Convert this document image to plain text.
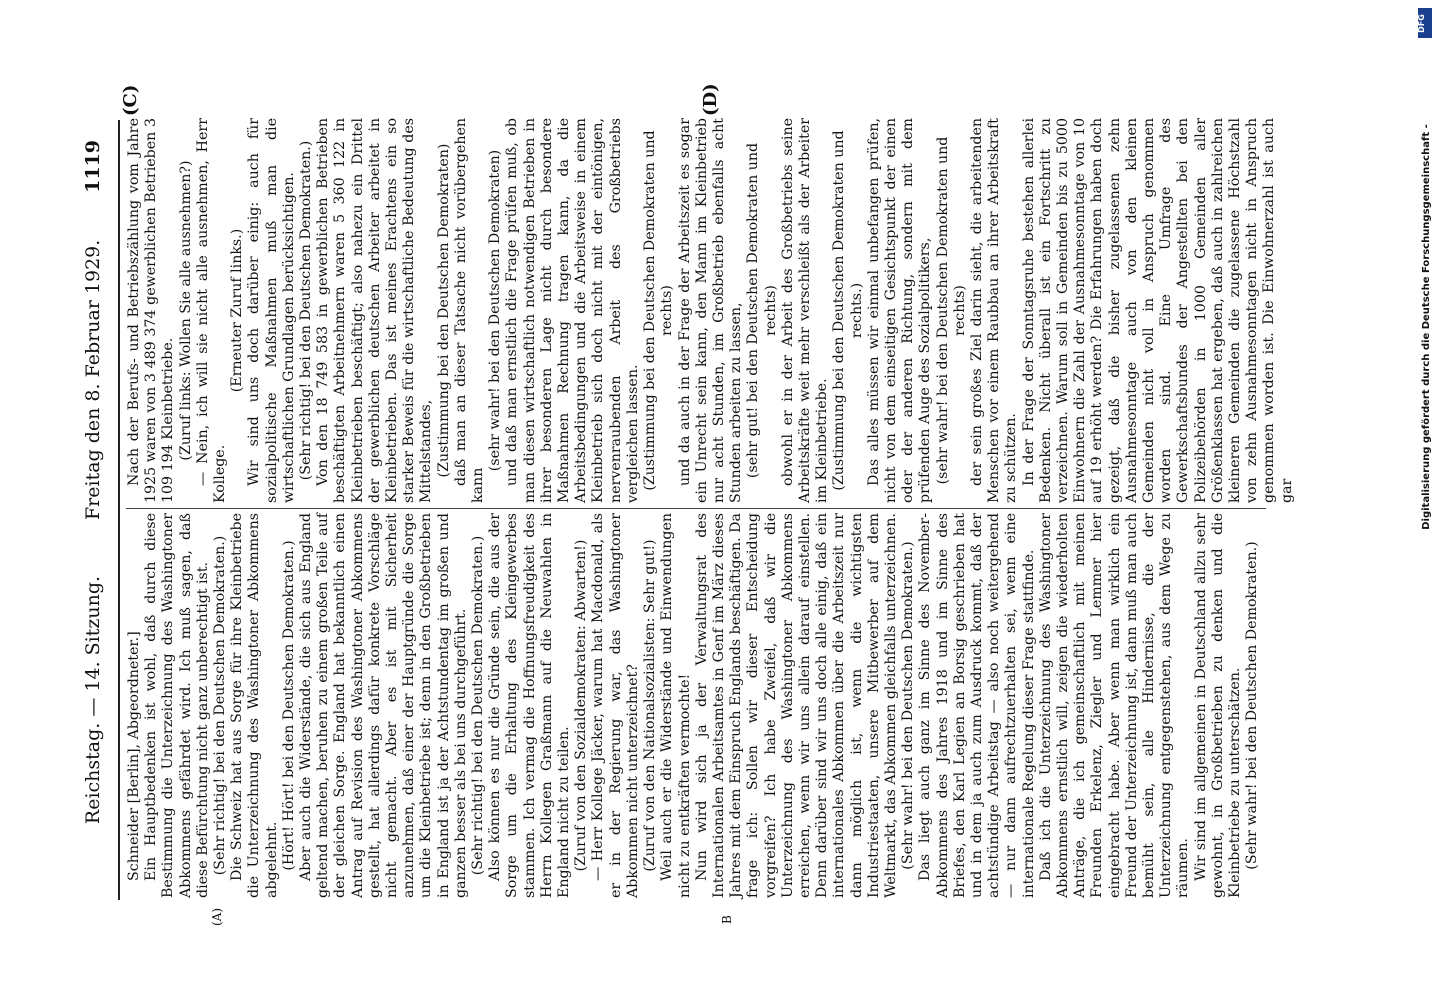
Reichstag. — 14. Sitzung.
Freitag den 8. Februar 1929.
1119
(A)	B
(C)	(D)

Schneider [Berlin], Abgeordneter.] Ein Hauptbedenken ist wohl, daß durch diese Bestimmung die Unterzeichnung des Washingtoner Abkommens gefährdet wird. Ich muß sagen, daß diese Befürchtung nicht ganz unberechtigt ist. (Sehr richtig! bei den Deutschen Demokraten.) Die Schweiz hat aus Sorge für ihre Kleinbetriebe die Unterzeichnung des Washingtoner Abkommens abgelehnt. (Hört! Hört! bei den Deutschen Demokraten.) Aber auch die Widerstände, die sich aus England geltend machen, beruhen zu einem großen Teile auf der gleichen Sorge. England hat bekanntlich einen Antrag auf Revision des Washingtoner Abkommens gestellt, hat allerdings dafür konkrete Vorschläge nicht gemacht. Aber es ist mit Sicherheit anzunehmen, daß einer der Hauptgründe die Sorge um die Kleinbetriebe ist; denn in den Großbetrieben in England ist ja der Achtstundentag im großen und ganzen besser als bei uns durchgeführt. (Sehr richtig! bei den Deutschen Demokraten.) Also können es nur die Gründe sein, die aus der Sorge um die Erhaltung des Kleingewerbes stammen. Ich vermag die Hoffnungsfreudigkeit des Herrn Kollegen Graßmann auf die Neuwahlen in England nicht zu teilen. (Zuruf von den Sozialdemokraten: Abwarten!) — Herr Kollege Jäcker, warum hat Macdonald, als er in der Regierung war, das Washingtoner Abkommen nicht unterzeichnet? (Zuruf von den Nationalsozialisten: Sehr gut!) Weil auch er die Widerstände und Einwendungen nicht zu entkräften vermochte! Nun wird sich ja der Verwaltungsrat des Internationalen Arbeitsamtes in Genf im März dieses Jahres mit dem Einspruch Englands beschäftigen. Da frage ich: Sollen wir dieser Entscheidung vorgreifen? Ich habe Zweifel, daß wir die Unterzeichnung des Washingtoner Abkommens erreichen, wenn wir uns allein darauf einstellen. Denn darüber sind wir uns doch alle einig, daß ein internationales Abkommen über die Arbeitszeit nur dann möglich ist, wenn die wichtigsten Industriestaaten, unsere Mitbewerber auf dem Weltmarkt, das Abkommen gleichfalls unterzeichnen. (Sehr wahr! bei den Deutschen Demokraten.) Das liegt auch ganz im Sinne des November-Abkommens des Jahres 1918 und im Sinne des Briefes, den Karl Legien an Borsig geschrieben hat und in dem ja auch zum Ausdruck kommt, daß der achtstündige Arbeitstag — also noch weitergehend — nur dann aufrechtzuerhalten sei, wenn eine internationale Regelung dieser Frage stattfinde. Daß ich die Unterzeichnung des Washingtoner Abkommens ernstlich will, zeigen die wiederholten Anträge, die ich gemeinschaftlich mit meinen Freunden Erkelenz, Ziegler und Lemmer hier eingebracht habe. Aber wenn man wirklich ein Freund der Unterzeichnung ist, dann muß man auch bemüht sein, alle Hindernisse, die der Unterzeichnung entgegenstehen, aus dem Wege zu räumen. Wir sind im allgemeinen in Deutschland allzu sehr gewohnt, in Großbetrieben zu denken und die Kleinbetriebe zu unterschätzen. (Sehr wahr! bei den Deutschen Demokraten.)

Nach der Berufs- und Betriebszählung vom Jahre 1925 waren von 3 489 374 gewerblichen Betrieben 3 109 194 Kleinbetriebe. (Zuruf links: Wollen Sie alle ausnehmen?) — Nein, ich will sie nicht alle ausnehmen, Herr Kollege.

(Erneuter Zuruf links.) Wir sind uns doch darüber einig: auch für sozialpolitische Maßnahmen muß man die wirtschaftlichen Grundlagen berücksichtigen. (Sehr richtig! bei den Deutschen Demokraten.) Von den 18 749 583 in gewerblichen Betrieben beschäftigten Arbeitnehmern waren 5 360 122 in Kleinbetrieben beschäftigt; also nahezu ein Drittel der gewerblichen deutschen Arbeiter arbeitet in Kleinbetrieben. Das ist meines Erachtens ein so starker Beweis für die wirtschaftliche Bedeutung des Mittelstandes, (Zustimmung bei den Deutschen Demokraten) daß man an dieser Tatsache nicht vorübergehen kann

(sehr wahr! bei den Deutschen Demokraten) und daß man ernstlich die Frage prüfen muß, ob man diesen wirtschaftlich notwendigen Betrieben in ihrer besonderen Lage nicht durch besondere Maßnahmen Rechnung tragen kann, da die Arbeitsbedingungen und die Arbeitsweise in einem Kleinbetrieb sich doch nicht mit der eintönigen, nervenraubenden Arbeit des Großbetriebs vergleichen lassen. (Zustimmung bei den Deutschen Demokraten und rechts) und da auch in der Frage der Arbeitszeit es sogar ein Unrecht sein kann, den Mann im Kleinbetrieb nur acht Stunden, im Großbetrieb ebenfalls acht Stunden arbeiten zu lassen, (sehr gut! bei den Deutschen Demokraten und rechts) obwohl er in der Arbeit des Großbetriebs seine Arbeitskräfte weit mehr verschleißt als der Arbeiter im Kleinbetriebe. (Zustimmung bei den Deutschen Demokraten und rechts.) Das alles müssen wir einmal unbefangen prüfen, nicht von dem einseitigen Gesichtspunkt der einen oder der anderen Richtung, sondern mit dem prüfenden Auge des Sozialpolitikers, (sehr wahr! bei den Deutschen Demokraten und rechts) der sein großes Ziel darin sieht, die arbeitenden Menschen vor einem Raubbau an ihrer Arbeitskraft zu schützen. In der Frage der Sonntagsruhe bestehen allerlei Bedenken. Nicht überall ist ein Fortschritt zu verzeichnen. Warum soll in Gemeinden bis zu 5000 Einwohnern die Zahl der Ausnahmesonntage von 10 auf 19 erhöht werden? Die Erfahrungen haben doch gezeigt, daß die bisher zugelassenen zehn Ausnahmesonntage auch von den kleinen Gemeinden nicht voll in Anspruch genommen worden sind. Eine Umfrage des Gewerkschaftsbundes der Angestellten bei den Polizeibehörden in 1000 Gemeinden aller Größenklassen hat ergeben, daß auch in zahlreichen kleineren Gemeinden die zugelassene Höchstzahl von zehn Ausnahmesonntagen nicht in Anspruch genommen worden ist. Die Einwohnerzahl ist auch gar

DFG
Digitalisierung gefördert durch die Deutsche Forschungsgemeinschaft -
